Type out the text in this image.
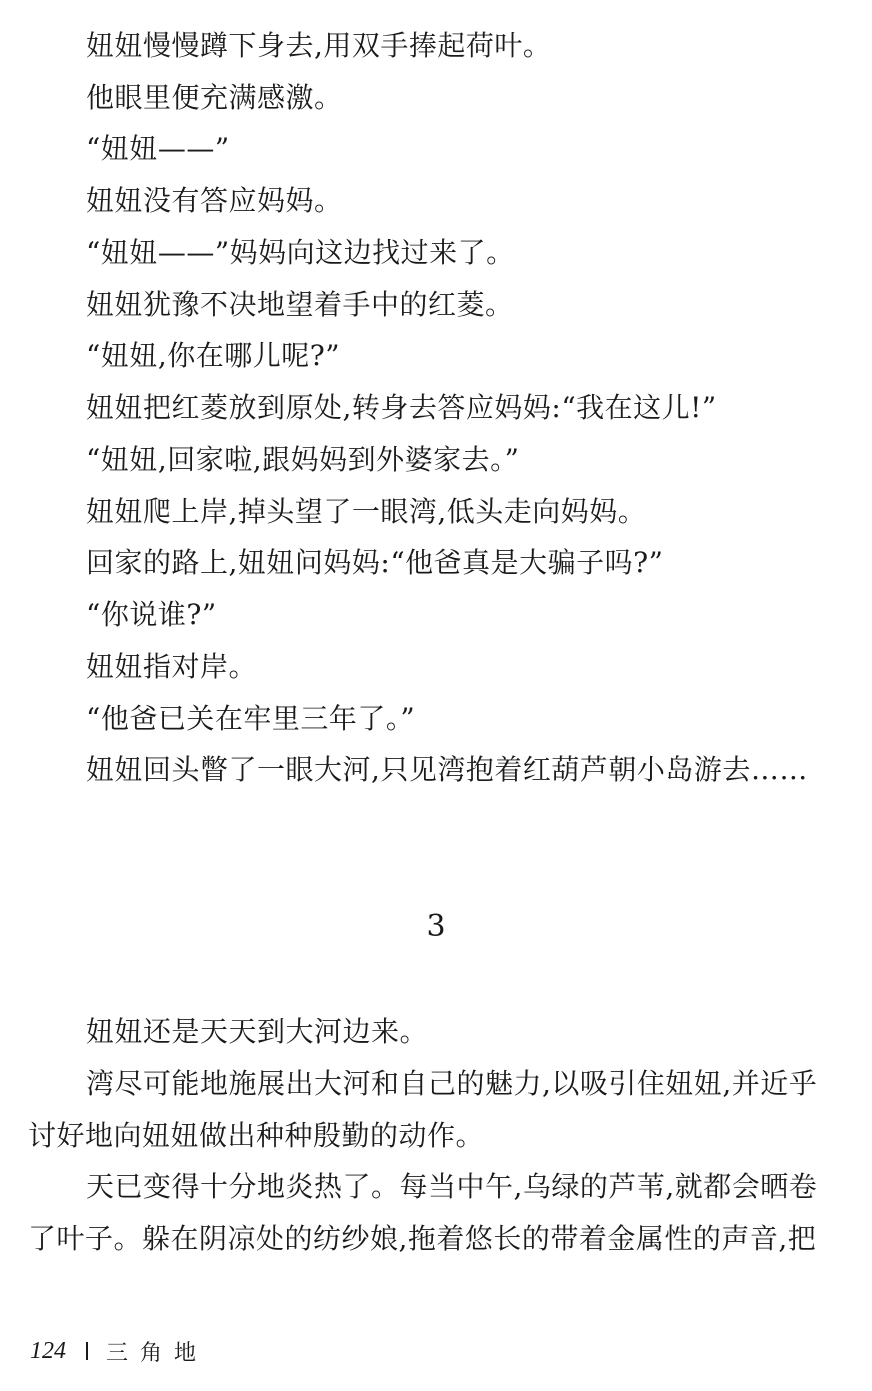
妞妞慢慢蹲下身去,用双手捧起荷叶。
他眼里便充满感激。
“妞妞——”
妞妞没有答应妈妈。
“妞妞——”妈妈向这边找过来了。
妞妞犹豫不决地望着手中的红菱。
“妞妞,你在哪儿呢?”
妞妞把红菱放到原处,转身去答应妈妈:“我在这儿!”
“妞妞,回家啦,跟妈妈到外婆家去。”
妞妞爬上岸,掉头望了一眼湾,低头走向妈妈。
回家的路上,妞妞问妈妈:“他爸真是大骗子吗?”
“你说谁?”
妞妞指对岸。
“他爸已关在牢里三年了。”
妞妞回头瞥了一眼大河,只见湾抱着红葫芦朝小岛游去……
3
妞妞还是天天到大河边来。
湾尽可能地施展出大河和自己的魅力,以吸引住妞妞,并近乎
讨好地向妞妞做出种种殷勤的动作。
天已变得十分地炎热了。每当中午,乌绿的芦苇,就都会晒卷
了叶子。躲在阴凉处的纺纱娘,拖着悠长的带着金属性的声音,把
124 三角地
